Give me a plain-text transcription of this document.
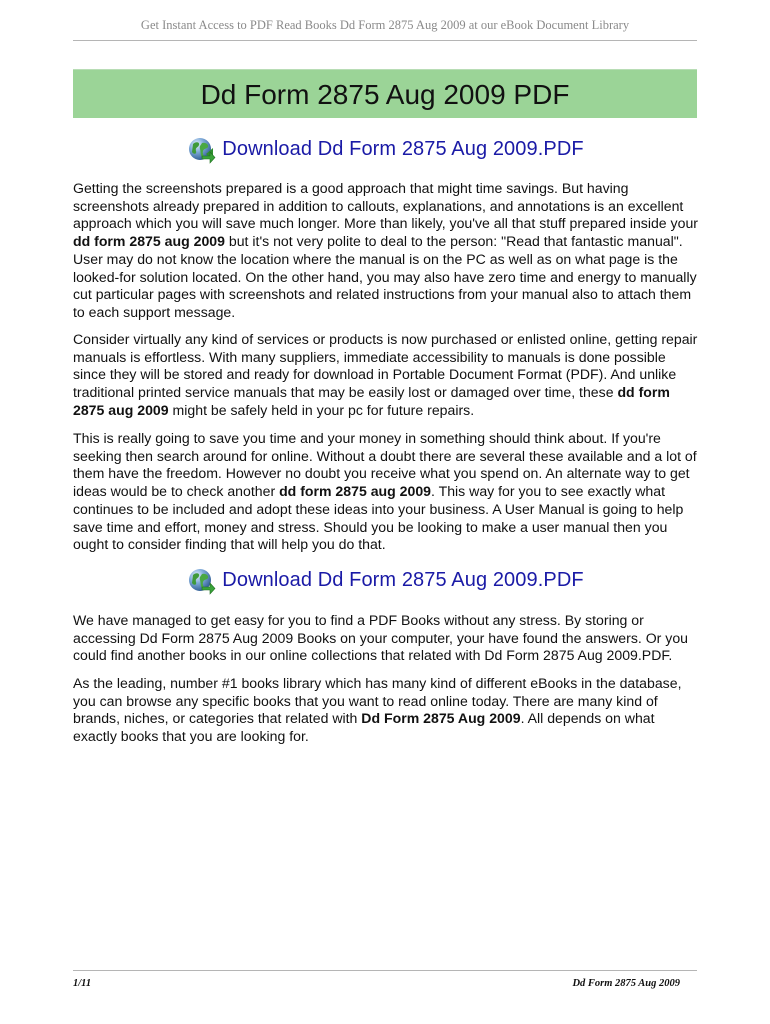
Get Instant Access to PDF Read Books Dd Form 2875 Aug 2009 at our eBook Document Library
Dd Form 2875 Aug 2009 PDF
Download Dd Form 2875 Aug 2009.PDF

Getting the screenshots prepared is a good approach that might time savings. But having screenshots already prepared in addition to callouts, explanations, and annotations is an excellent approach which you will save much longer. More than likely, you've all that stuff prepared inside your dd form 2875 aug 2009 but it's not very polite to deal to the person: "Read that fantastic manual". User may do not know the location where the manual is on the PC as well as on what page is the looked-for solution located. On the other hand, you may also have zero time and energy to manually cut particular pages with screenshots and related instructions from your manual also to attach them to each support message.

Consider virtually any kind of services or products is now purchased or enlisted online, getting repair manuals is effortless. With many suppliers, immediate accessibility to manuals is done possible since they will be stored and ready for download in Portable Document Format (PDF). And unlike traditional printed service manuals that may be easily lost or damaged over time, these dd form 2875 aug 2009 might be safely held in your pc for future repairs.

This is really going to save you time and your money in something should think about. If you're seeking then search around for online. Without a doubt there are several these available and a lot of them have the freedom. However no doubt you receive what you spend on. An alternate way to get ideas would be to check another dd form 2875 aug 2009. This way for you to see exactly what continues to be included and adopt these ideas into your business. A User Manual is going to help save time and effort, money and stress. Should you be looking to make a user manual then you ought to consider finding that will help you do that.

Download Dd Form 2875 Aug 2009.PDF

We have managed to get easy for you to find a PDF Books without any stress. By storing or accessing Dd Form 2875 Aug 2009 Books on your computer, your have found the answers. Or you could find another books in our online collections that related with Dd Form 2875 Aug 2009.PDF.

As the leading, number #1 books library which has many kind of different eBooks in the database, you can browse any specific books that you want to read online today. There are many kind of brands, niches, or categories that related with Dd Form 2875 Aug 2009. All depends on what exactly books that you are looking for.

1/11	Dd Form 2875 Aug 2009
